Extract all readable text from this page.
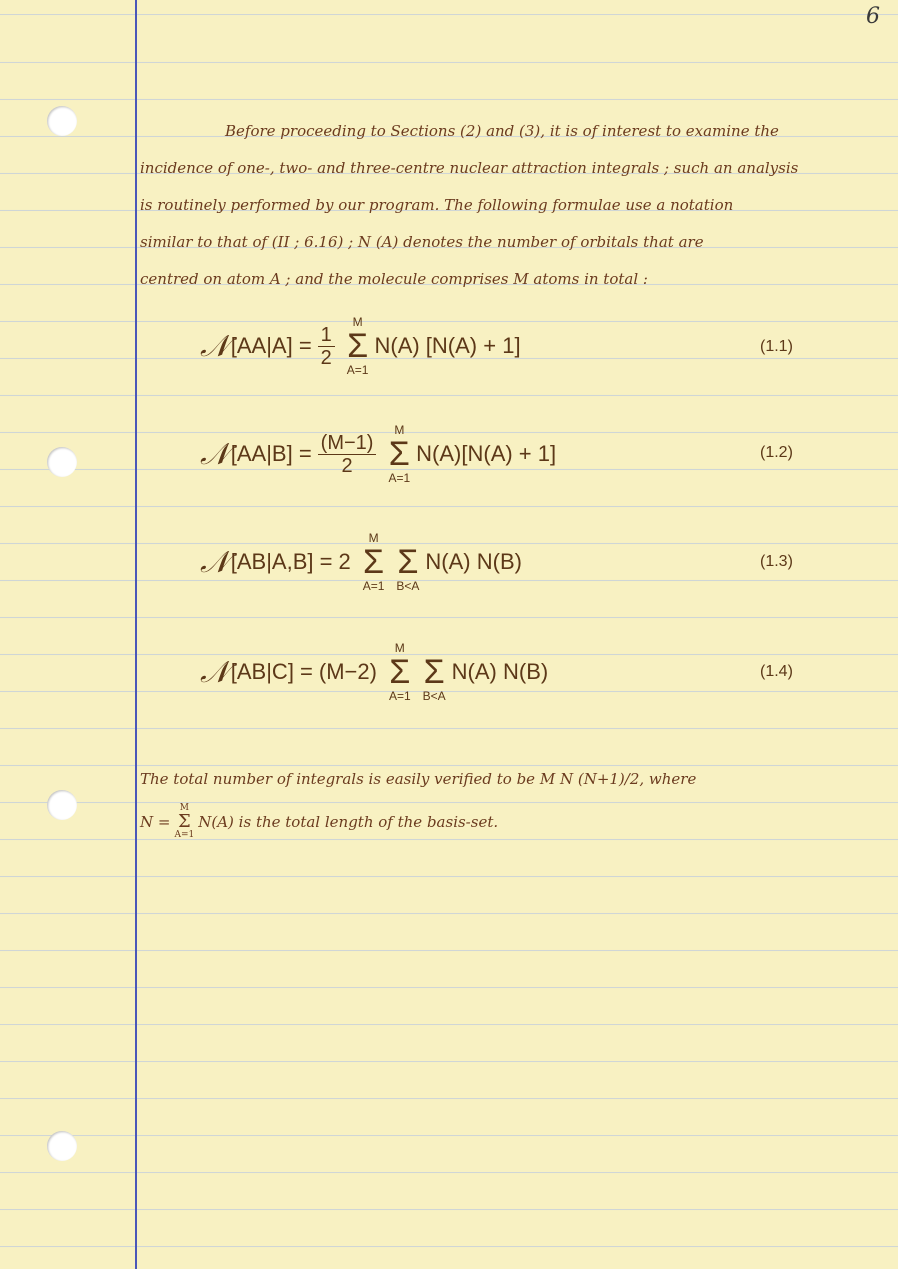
6
Before proceeding to Sections (2) and (3), it is of interest to examine the
incidence of one-, two- and three-centre nuclear attraction integrals ; such an analysis
is routinely performed by our program. The following formulae use a notation
similar to that of (II ; 6.16) ; N (A) denotes the number of orbitals that are
centred on atom A ; and the molecule comprises M atoms in total :
𝒩 $[AA|A] = \frac{1}{2}$
M
Σ
A=1
N(A) [N(A) + 1]	(1.1)
𝒩 $[AA|B] = \frac{(M-1)}{2}$
M
Σ
A=1
N(A)[N(A) + 1]	(1.2)
𝒩 [AB|A,B] = 2
M
Σ
A=1

Σ
B<A
N(A) N(B)	(1.3)
𝒩 [AB|C] = (M−2)
M
Σ
A=1

Σ
B<A
N(A) N(B)	(1.4)
The total number of integrals is easily verified to be M N (N+1)/2, where
N =
M
Σ
A=1
N(A) is the total length of the basis-set.
